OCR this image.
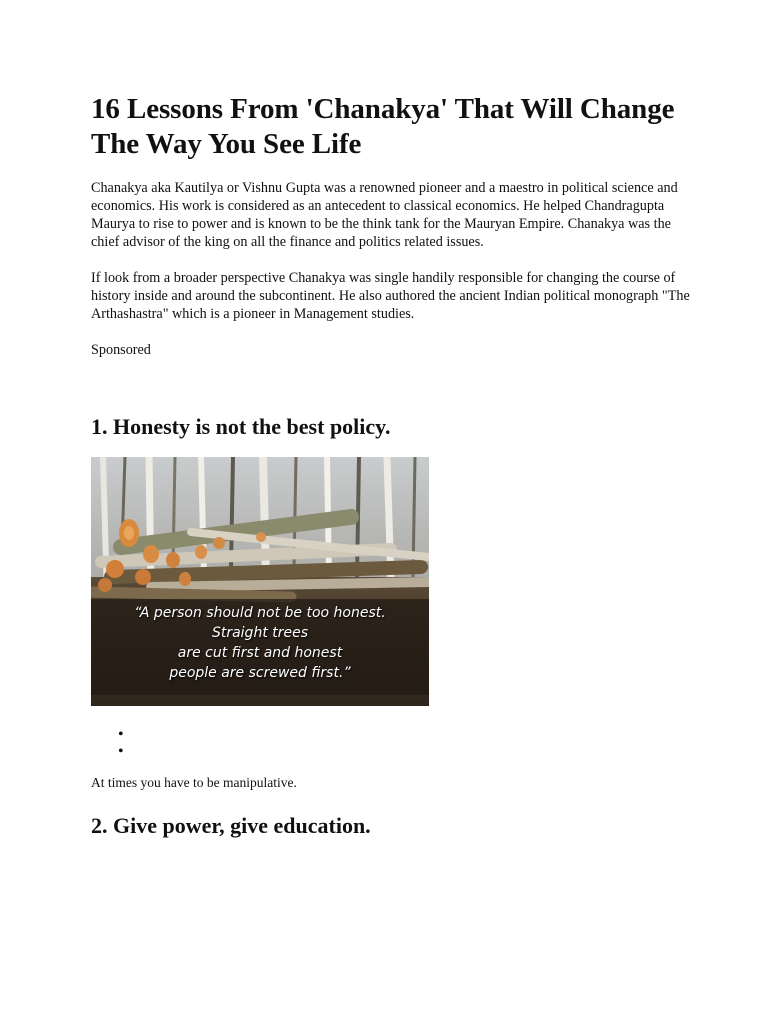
16 Lessons From 'Chanakya' That Will Change The Way You See Life

Chanakya aka Kautilya or Vishnu Gupta was a renowned pioneer and a maestro in political science and economics. His work is considered as an antecedent to classical economics. He helped Chandragupta Maurya to rise to power and is known to be the think tank for the Mauryan Empire. Chanakya was the chief advisor of the king on all the finance and politics related issues.

If look from a broader perspective Chanakya was single handily responsible for changing the course of history inside and around the subcontinent. He also authored the ancient Indian political monograph "The Arthashastra" which is a pioneer in Management studies.

Sponsored

1. Honesty is not the best policy.
“A person should not be too honest.
Straight trees
are cut first and honest
people are screwed first.”
•
•

At times you have to be manipulative.

2. Give power, give education.
